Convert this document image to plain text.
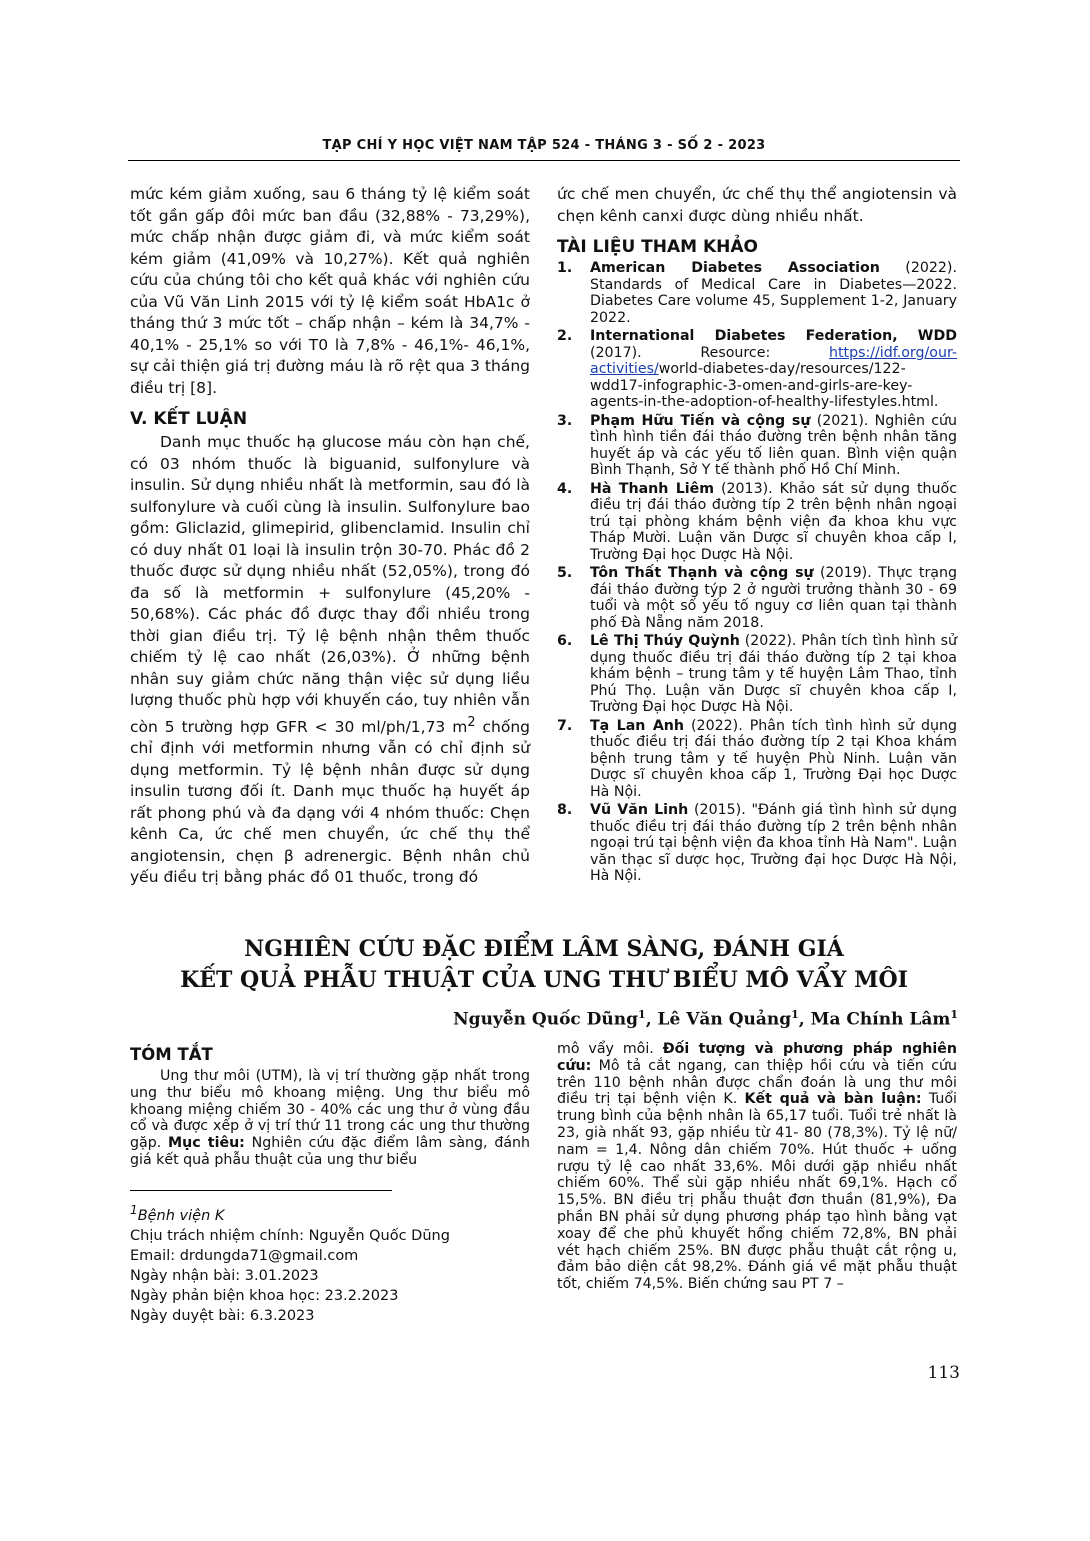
TẠP CHÍ Y HỌC VIỆT NAM TẬP 524 - THÁNG 3 - SỐ 2 - 2023

mức kém giảm xuống, sau 6 tháng tỷ lệ kiểm soát tốt gần gấp đôi mức ban đầu (32,88% - 73,29%), mức chấp nhận được giảm đi, và mức kiểm soát kém giảm (41,09% và 10,27%). Kết quả nghiên cứu của chúng tôi cho kết quả khác với nghiên cứu của Vũ Văn Linh 2015 với tỷ lệ kiểm soát HbA1c ở tháng thứ 3 mức tốt – chấp nhận – kém là 34,7% - 40,1% - 25,1% so với T0 là 7,8% - 46,1%- 46,1%, sự cải thiện giá trị đường máu là rõ rệt qua 3 tháng điều trị [8].

V. KẾT LUẬN

Danh mục thuốc hạ glucose máu còn hạn chế, có 03 nhóm thuốc là biguanid, sulfonylure và insulin. Sử dụng nhiều nhất là metformin, sau đó là sulfonylure và cuối cùng là insulin. Sulfonylure bao gồm: Gliclazid, glimepirid, glibenclamid. Insulin chỉ có duy nhất 01 loại là insulin trộn 30-70. Phác đồ 2 thuốc được sử dụng nhiều nhất (52,05%), trong đó đa số là metformin + sulfonylure (45,20% - 50,68%). Các phác đồ được thay đổi nhiều trong thời gian điều trị. Tỷ lệ bệnh nhận thêm thuốc chiếm tỷ lệ cao nhất (26,03%). Ở những bệnh nhân suy giảm chức năng thận việc sử dụng liều lượng thuốc phù hợp với khuyến cáo, tuy nhiên vẫn còn 5 trường hợp GFR < 30 ml/ph/1,73 $m^2$ chống chỉ định với metformin nhưng vẫn có chỉ định sử dụng metformin. Tỷ lệ bệnh nhân được sử dụng insulin tương đối ít. Danh mục thuốc hạ huyết áp rất phong phú và đa dạng với 4 nhóm thuốc: Chẹn kênh Ca, ức chế men chuyển, ức chế thụ thể angiotensin, chẹn β adrenergic. Bệnh nhân chủ yếu điều trị bằng phác đồ 01 thuốc, trong đó

ức chế men chuyển, ức chế thụ thể angiotensin và chẹn kênh canxi được dùng nhiều nhất.

TÀI LIỆU THAM KHẢO
1.	American Diabetes Association (2022). Standards of Medical Care in Diabetes—2022. Diabetes Care volume 45, Supplement 1-2, January 2022.
2.	International Diabetes Federation, WDD (2017). Resource: https://idf.org/our-activities/world-diabetes-day/resources/122-wdd17-infographic-3-omen-and-girls-are-key-agents-in-the-adoption-of-healthy-lifestyles.html.
3.	Phạm Hữu Tiến và cộng sự (2021). Nghiên cứu tình hình tiền đái tháo đường trên bệnh nhân tăng huyết áp và các yếu tố liên quan. Bình viện quận Bình Thạnh, Sở Y tế thành phố Hồ Chí Minh.
4.	Hà Thanh Liêm (2013). Khảo sát sử dụng thuốc điều trị đái tháo đường típ 2 trên bệnh nhân ngoại trú tại phòng khám bệnh viện đa khoa khu vực Tháp Mười. Luận văn Dược sĩ chuyên khoa cấp I, Trường Đại học Dược Hà Nội.
5.	Tôn Thất Thạnh và cộng sự (2019). Thực trạng đái tháo đường týp 2 ở người trưởng thành 30 - 69 tuổi và một số yếu tố nguy cơ liên quan tại thành phố Đà Nẵng năm 2018.
6.	Lê Thị Thúy Quỳnh (2022). Phân tích tình hình sử dụng thuốc điều trị đái tháo đường típ 2 tại khoa khám bệnh – trung tâm y tế huyện Lâm Thao, tỉnh Phú Thọ. Luận văn Dược sĩ chuyên khoa cấp I, Trường Đại học Dược Hà Nội.
7.	Tạ Lan Anh (2022). Phân tích tình hình sử dụng thuốc điều trị đái tháo đường típ 2 tại Khoa khám bệnh trung tâm y tế huyện Phù Ninh. Luận văn Dược sĩ chuyên khoa cấp 1, Trường Đại học Dược Hà Nội.
8.	Vũ Văn Linh (2015). "Đánh giá tình hình sử dụng thuốc điều trị đái tháo đường típ 2 trên bệnh nhân ngoại trú tại bệnh viện đa khoa tỉnh Hà Nam". Luận văn thạc sĩ dược học, Trường đại học Dược Hà Nội, Hà Nội.
NGHIÊN CỨU ĐẶC ĐIỂM LÂM SÀNG, ĐÁNH GIÁ
KẾT QUẢ PHẪU THUẬT CỦA UNG THƯ BIỂU MÔ VẨY MÔI
Nguyễn Quốc Dũng$^1$, Lê Văn Quảng$^1$, Ma Chính Lâm$^1$
TÓM TẮT

Ung thư môi (UTM), là vị trí thường gặp nhất trong ung thư biểu mô khoang miệng. Ung thư biểu mô khoang miệng chiếm 30 - 40% các ung thư ở vùng đầu cổ và được xếp ở vị trí thứ 11 trong các ung thư thường gặp. Mục tiêu: Nghiên cứu đặc điểm lâm sàng, đánh giá kết quả phẫu thuật của ung thư biểu

mô vẩy môi. Đối tượng và phương pháp nghiên cứu: Mô tả cắt ngang, can thiệp hồi cứu và tiến cứu trên 110 bệnh nhân được chẩn đoán là ung thư môi điều trị tại bệnh viện K. Kết quả và bàn luận: Tuổi trung bình của bệnh nhân là 65,17 tuổi. Tuổi trẻ nhất là 23, già nhất 93, gặp nhiều từ 41- 80 (78,3%). Tỷ lệ nữ/ nam = 1,4. Nông dân chiếm 70%. Hút thuốc + uống rượu tỷ lệ cao nhất 33,6%. Môi dưới gặp nhiều nhất chiếm 60%. Thể sùi gặp nhiều nhất 69,1%. Hạch cổ 15,5%. BN điều trị phẫu thuật đơn thuần (81,9%), Đa phần BN phải sử dụng phương pháp tạo hình bằng vạt xoay để che phủ khuyết hổng chiếm 72,8%, BN phải vét hạch chiếm 25%. BN được phẫu thuật cắt rộng u, đảm bảo diện cắt 98,2%. Đánh giá về mặt phẫu thuật tốt, chiếm 74,5%. Biến chứng sau PT 7 –

$^1$Bệnh viện K
Chịu trách nhiệm chính: Nguyễn Quốc Dũng
Email: drdungda71@gmail.com
Ngày nhận bài: 3.01.2023
Ngày phản biện khoa học: 23.2.2023
Ngày duyệt bài: 6.3.2023
113
